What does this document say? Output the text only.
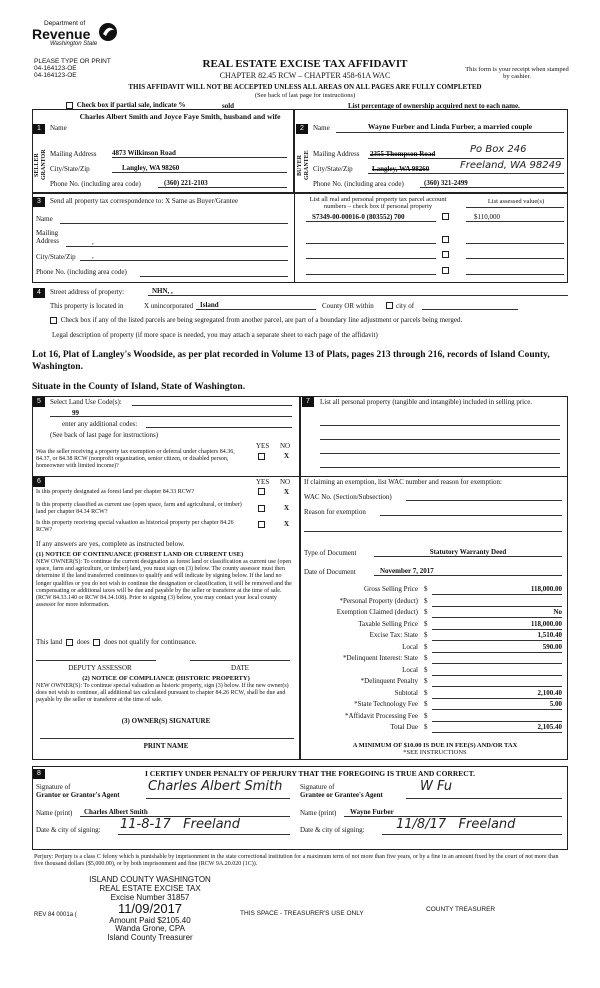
Department of
Revenue
Washington State
PLEASE TYPE OR PRINT
04-164123-OE
04-164123-OE
REAL ESTATE EXCISE TAX AFFIDAVIT
CHAPTER 82.45 RCW – CHAPTER 458-61A WAC
This form is your receipt when stamped by cashier.
THIS AFFIDAVIT WILL NOT BE ACCEPTED UNLESS ALL AREAS ON ALL PAGES ARE FULLY COMPLETED
(See back of last page for instructions)
Check box if partial sale, indicate %	sold	List percentage of ownership acquired next to each name.
1
SELLER GRANTOR
Name
Charles Albert Smith and Joyce Faye Smith, husband and wife
Mailing Address 4873 Wilkinson Road
City/State/Zip	Langley, WA 98260
Phone No. (including area code)	(360) 221-2103
2
BUYER GRANTEE
Name	Wayne Furber and Linda Furber, a married couple
Mailing Address 2355 Thompson Road	Po Box 246
City/State/Zip	Langley, WA 98260	Freeland, WA 98249
Phone No. (including area code)	(360) 321-2499
3	Send all property tax correspondence to: X Same as Buyer/Grantee
Name
Mailing Address	,
City/State/Zip ,
Phone No. (including area code)
List all real and personal property tax parcel account numbers – check box if personal property
List assessed value(s)
S7349-00-00016-0 (803552) 700	$110,000
4	Street address of property:	NHN, ,
This property is located in	X unincorporated Island	County OR within	city of
Check box if any of the listed parcels are being segregated from another parcel, are part of a boundary line adjustment or parcels being merged.
Legal description of property (if more space is needed, you may attach a separate sheet to each page of the affidavit)
Lot 16, Plat of Langley's Woodside, as per plat recorded in Volume 13 of Plats, pages 213 through 216, records of Island County, Washington.
Situate in the County of Island, State of Washington.
5	Select Land Use Code(s):
99
enter any additional codes:
(See back of last page for instructions)
YES NO
Was the seller receiving a property tax exemption or deferral under chapters 84.36, 84.37, or 84.38 RCW (nonprofit organization, senior citizen, or disabled person, homeowner with limited income)?
X
6	YES NO
Is this property designated as forest land per chapter 84.33 RCW?	X
Is this property classified as current use (open space, farm and agricultural, or timber) land per chapter 84.34 RCW?	X
Is this property receiving special valuation as historical property per chapter 84.26 RCW?
X
If any answers are yes, complete as instructed below.
(1) NOTICE OF CONTINUANCE (FOREST LAND OR CURRENT USE)
NEW OWNER(S): To continue the current designation as forest land or classification as current use (open space, farm and agriculture, or timber) land, you must sign on (3) below. The county assessor must then determine if the land transferred continues to qualify and will indicate by signing below. If the land no longer qualifies or you do not wish to continue the designation or classification, it will be removed and the compensating or additional taxes will be due and payable by the seller or transferor at the time of sale. (RCW 84.33.140 or RCW 84.34.108). Prior to signing (3) below, you may contact your local county assessor for more information.
This land does does not qualify for continuance.
DEPUTY ASSESSOR	DATE
(2) NOTICE OF COMPLIANCE (HISTORIC PROPERTY)
NEW OWNER(S): To continue special valuation as historic property, sign (3) below. If the new owner(s) does not wish to continue, all additional tax calculated pursuant to chapter 84.26 RCW, shall be due and payable by the seller or transferor at the time of sale.
(3) OWNER(S) SIGNATURE
PRINT NAME
7	List all personal property (tangible and intangible) included in selling price.
If claiming an exemption, list WAC number and reason for exemption:
WAC No. (Section/Subsection)
Reason for exemption
Type of Document	Statutory Warranty Deed
Date of Document	November 7, 2017
Gross Selling Price $	118,000.00
*Personal Property (deduct) $
Exemption Claimed (deduct) $	No
Taxable Selling Price $	118,000.00
Excise Tax: State $	1,510.40
Local $	590.00
*Delinquent Interest: State $
Local $
*Delinquent Penalty $
Subtotal $	2,100.40
*State Technology Fee $	5.00
*Affidavit Processing Fee $
Total Due $	2,105.40
A MINIMUM OF $10.00 IS DUE IN FEE(S) AND/OR TAX
*SEE INSTRUCTIONS
8	I CERTIFY UNDER PENALTY OF PERJURY THAT THE FOREGOING IS TRUE AND CORRECT.
Signature of
Grantor or Grantor's Agent
Charles Albert Smith	Signature of
Grantee or Grantee's Agent
W Fu
Name (print)	Charles Albert Smith	Name (print)	Wayne Furber
Date & city of signing: 11-8-17   Freeland	Date & city of signing: 11/8/17   Freeland
Perjury: Perjury is a class C felony which is punishable by imprisonment in the state correctional institution for a maximum term of not more than five years, or by a fine in an amount fixed by the court of not more than five thousand dollars ($5,000.00), or by both imprisonment and fine (RCW 9A.20.020 (1C)).
ISLAND COUNTY WASHINGTON
REAL ESTATE EXCISE TAX
Excise Number 31857
11/09/2017
Amount Paid $2105.40
Wanda Grone, CPA
Island County Treasurer
REV 84 0001a (	THIS SPACE - TREASURER'S USE ONLY
COUNTY TREASURER
